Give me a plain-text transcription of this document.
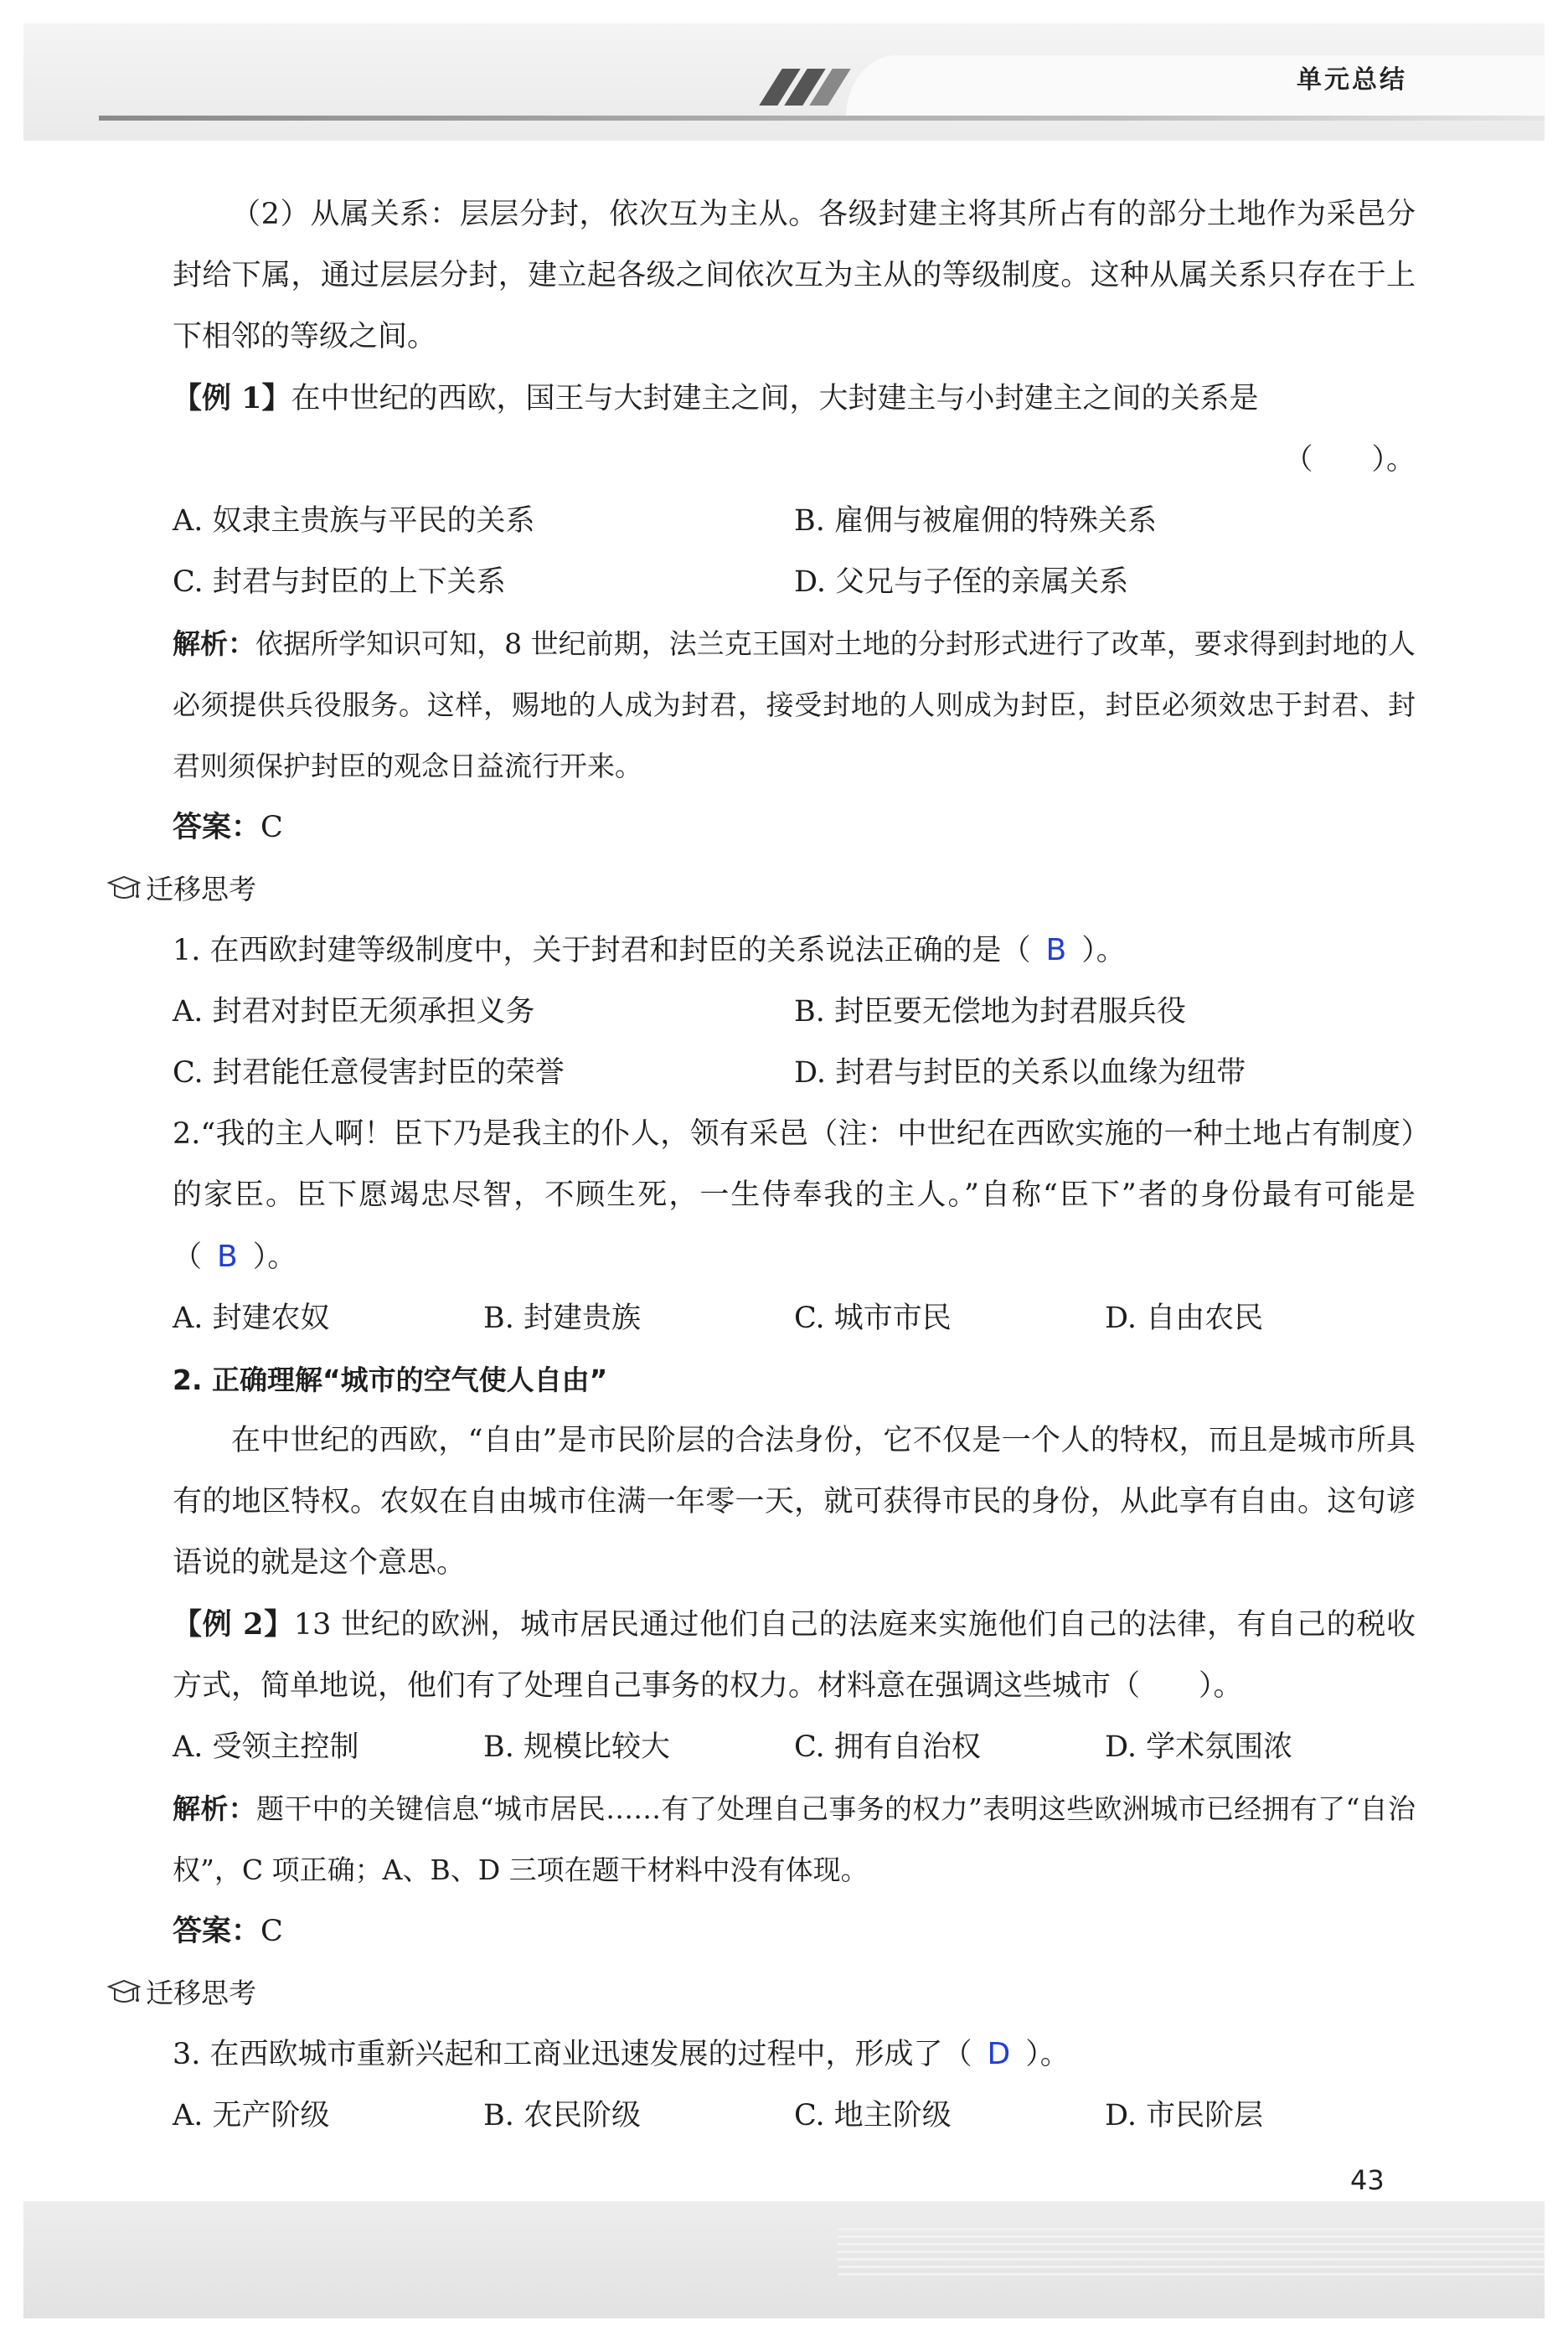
单元总结

（2）从属关系：层层分封，依次互为主从。各级封建主将其所占有的部分土地作为采邑分封给下属，通过层层分封，建立起各级之间依次互为主从的等级制度。这种从属关系只存在于上下相邻的等级之间。

【例 1】在中世纪的西欧，国王与大封建主之间，大封建主与小封建主之间的关系是

（　　）。

A. 奴隶主贵族与平民的关系	B. 雇佣与被雇佣的特殊关系
C. 封君与封臣的上下关系	D. 父兄与子侄的亲属关系

解析：依据所学知识可知，8 世纪前期，法兰克王国对土地的分封形式进行了改革，要求得到封地的人必须提供兵役服务。这样，赐地的人成为封君，接受封地的人则成为封臣，封臣必须效忠于封君、封君则须保护封臣的观念日益流行开来。

答案：C

迁移思考

1. 在西欧封建等级制度中，关于封君和封臣的关系说法正确的是（ B ）。

A. 封君对封臣无须承担义务	B. 封臣要无偿地为封君服兵役
C. 封君能任意侵害封臣的荣誉	D. 封君与封臣的关系以血缘为纽带

2.“我的主人啊！臣下乃是我主的仆人，领有采邑（注：中世纪在西欧实施的一种土地占有制度）的家臣。臣下愿竭忠尽智，不顾生死，一生侍奉我的主人。”自称“臣下”者的身份最有可能是（ B ）。

A. 封建农奴	B. 封建贵族	C. 城市市民	D. 自由农民

2. 正确理解“城市的空气使人自由”

在中世纪的西欧，“自由”是市民阶层的合法身份，它不仅是一个人的特权，而且是城市所具有的地区特权。农奴在自由城市住满一年零一天，就可获得市民的身份，从此享有自由。这句谚语说的就是这个意思。

【例 2】13 世纪的欧洲，城市居民通过他们自己的法庭来实施他们自己的法律，有自己的税收方式，简单地说，他们有了处理自己事务的权力。材料意在强调这些城市（　　）。

A. 受领主控制	B. 规模比较大	C. 拥有自治权	D. 学术氛围浓

解析：题干中的关键信息“城市居民……有了处理自己事务的权力”表明这些欧洲城市已经拥有了“自治权”，C 项正确；A、B、D 三项在题干材料中没有体现。

答案：C

迁移思考

3. 在西欧城市重新兴起和工商业迅速发展的过程中，形成了（ D ）。

A. 无产阶级	B. 农民阶级	C. 地主阶级	D. 市民阶层
43
